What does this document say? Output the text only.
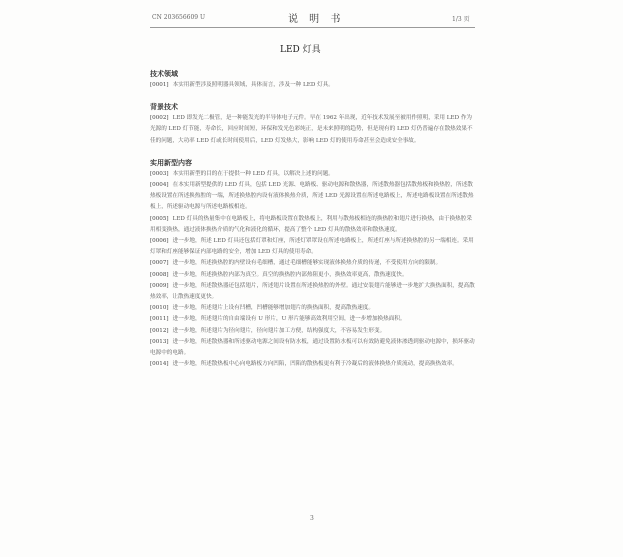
CN 203656609 U	说 明 书	1/3 页
LED 灯具
技术领域
[0001] 本实用新型涉及照明器具领域，具体而言，涉及一种 LED 灯具。
背景技术
[0002] LED 即发光二极管，是一种能发光的半导体电子元件。早在 1962 年出现，近年技术发展至被用作照明，采用 LED 作为光源的 LED 灯节能，寿命长，回应时间短，环保和发光色彩纯正，是未来照明的趋势，但是现有的 LED 灯仍普遍存在散热效果不佳的问题，大功率 LED 灯或长时间使用后，LED 灯发热大，影响 LED 灯的使用寿命甚至会造成安全事故。
实用新型内容
[0003] 本实用新型的目的在于提供一种 LED 灯具，以解决上述的问题。
[0004] 在本实用新型提供的 LED 灯具，包括 LED 光源、电路板、驱动电源和散热器，所述散热器包括散热板和换热腔，所述散热板设置在所述换热腔的一端，所述换热腔内设有液体换热介质，所述 LED 光源设置在所述电路板上，所述电路板设置在所述散热板上，所述驱动电源与所述电路板相连。
[0005] LED 灯具的热量集中在电路板上，将电路板设置在散热板上，利用与散热板相连的换热腔和翅片进行换热，由于换热腔采用相变换热，通过液体换热介质的气化和液化的循环，提高了整个 LED 灯具的散热效率和散热速度。
[0006] 进一步地，所述 LED 灯具还包括灯罩和灯座，所述灯罩罩设在所述电路板上，所述灯座与所述换热腔的另一端相连。采用灯罩和灯座能够保证内部电路的安全，增加 LED 灯具的使用寿命。
[0007] 进一步地，所述换热腔的内壁设有毛细槽，通过毛细槽能够实现液体换热介质的传递，不受使用方向的限制。
[0008] 进一步地，所述换热腔内部为真空。真空的换热腔内部热阻更小，换热效率更高，散热速度快。
[0009] 进一步地，所述散热器还包括翅片，所述翅片设置在所述换热腔的外壁。通过安装翅片能够进一步地扩大换热面积，提高散热效率，让散热速度更快。
[0010] 进一步地，所述翅片上设有凹槽，凹槽能够增加翅片的换热面积，提高散热速度。
[0011] 进一步地，所述翅片的自由端设有 U 形片，U 形片能够高效利用空间，进一步增加换热面积。
[0012] 进一步地，所述翅片为径向翅片，径向翅片加工方便，结构强度大，不容易发生形变。
[0013] 进一步地，所述散热器和所述驱动电源之间设有防水板，通过设置防水板可以有效防避免液体渗透到驱动电源中，损坏驱动电源中的电路。
[0014] 进一步地，所述散热板中心向电路板方向凹陷，凹陷的散热板更有利于冷凝后的液体换热介质流动，提高换热效率。
3
